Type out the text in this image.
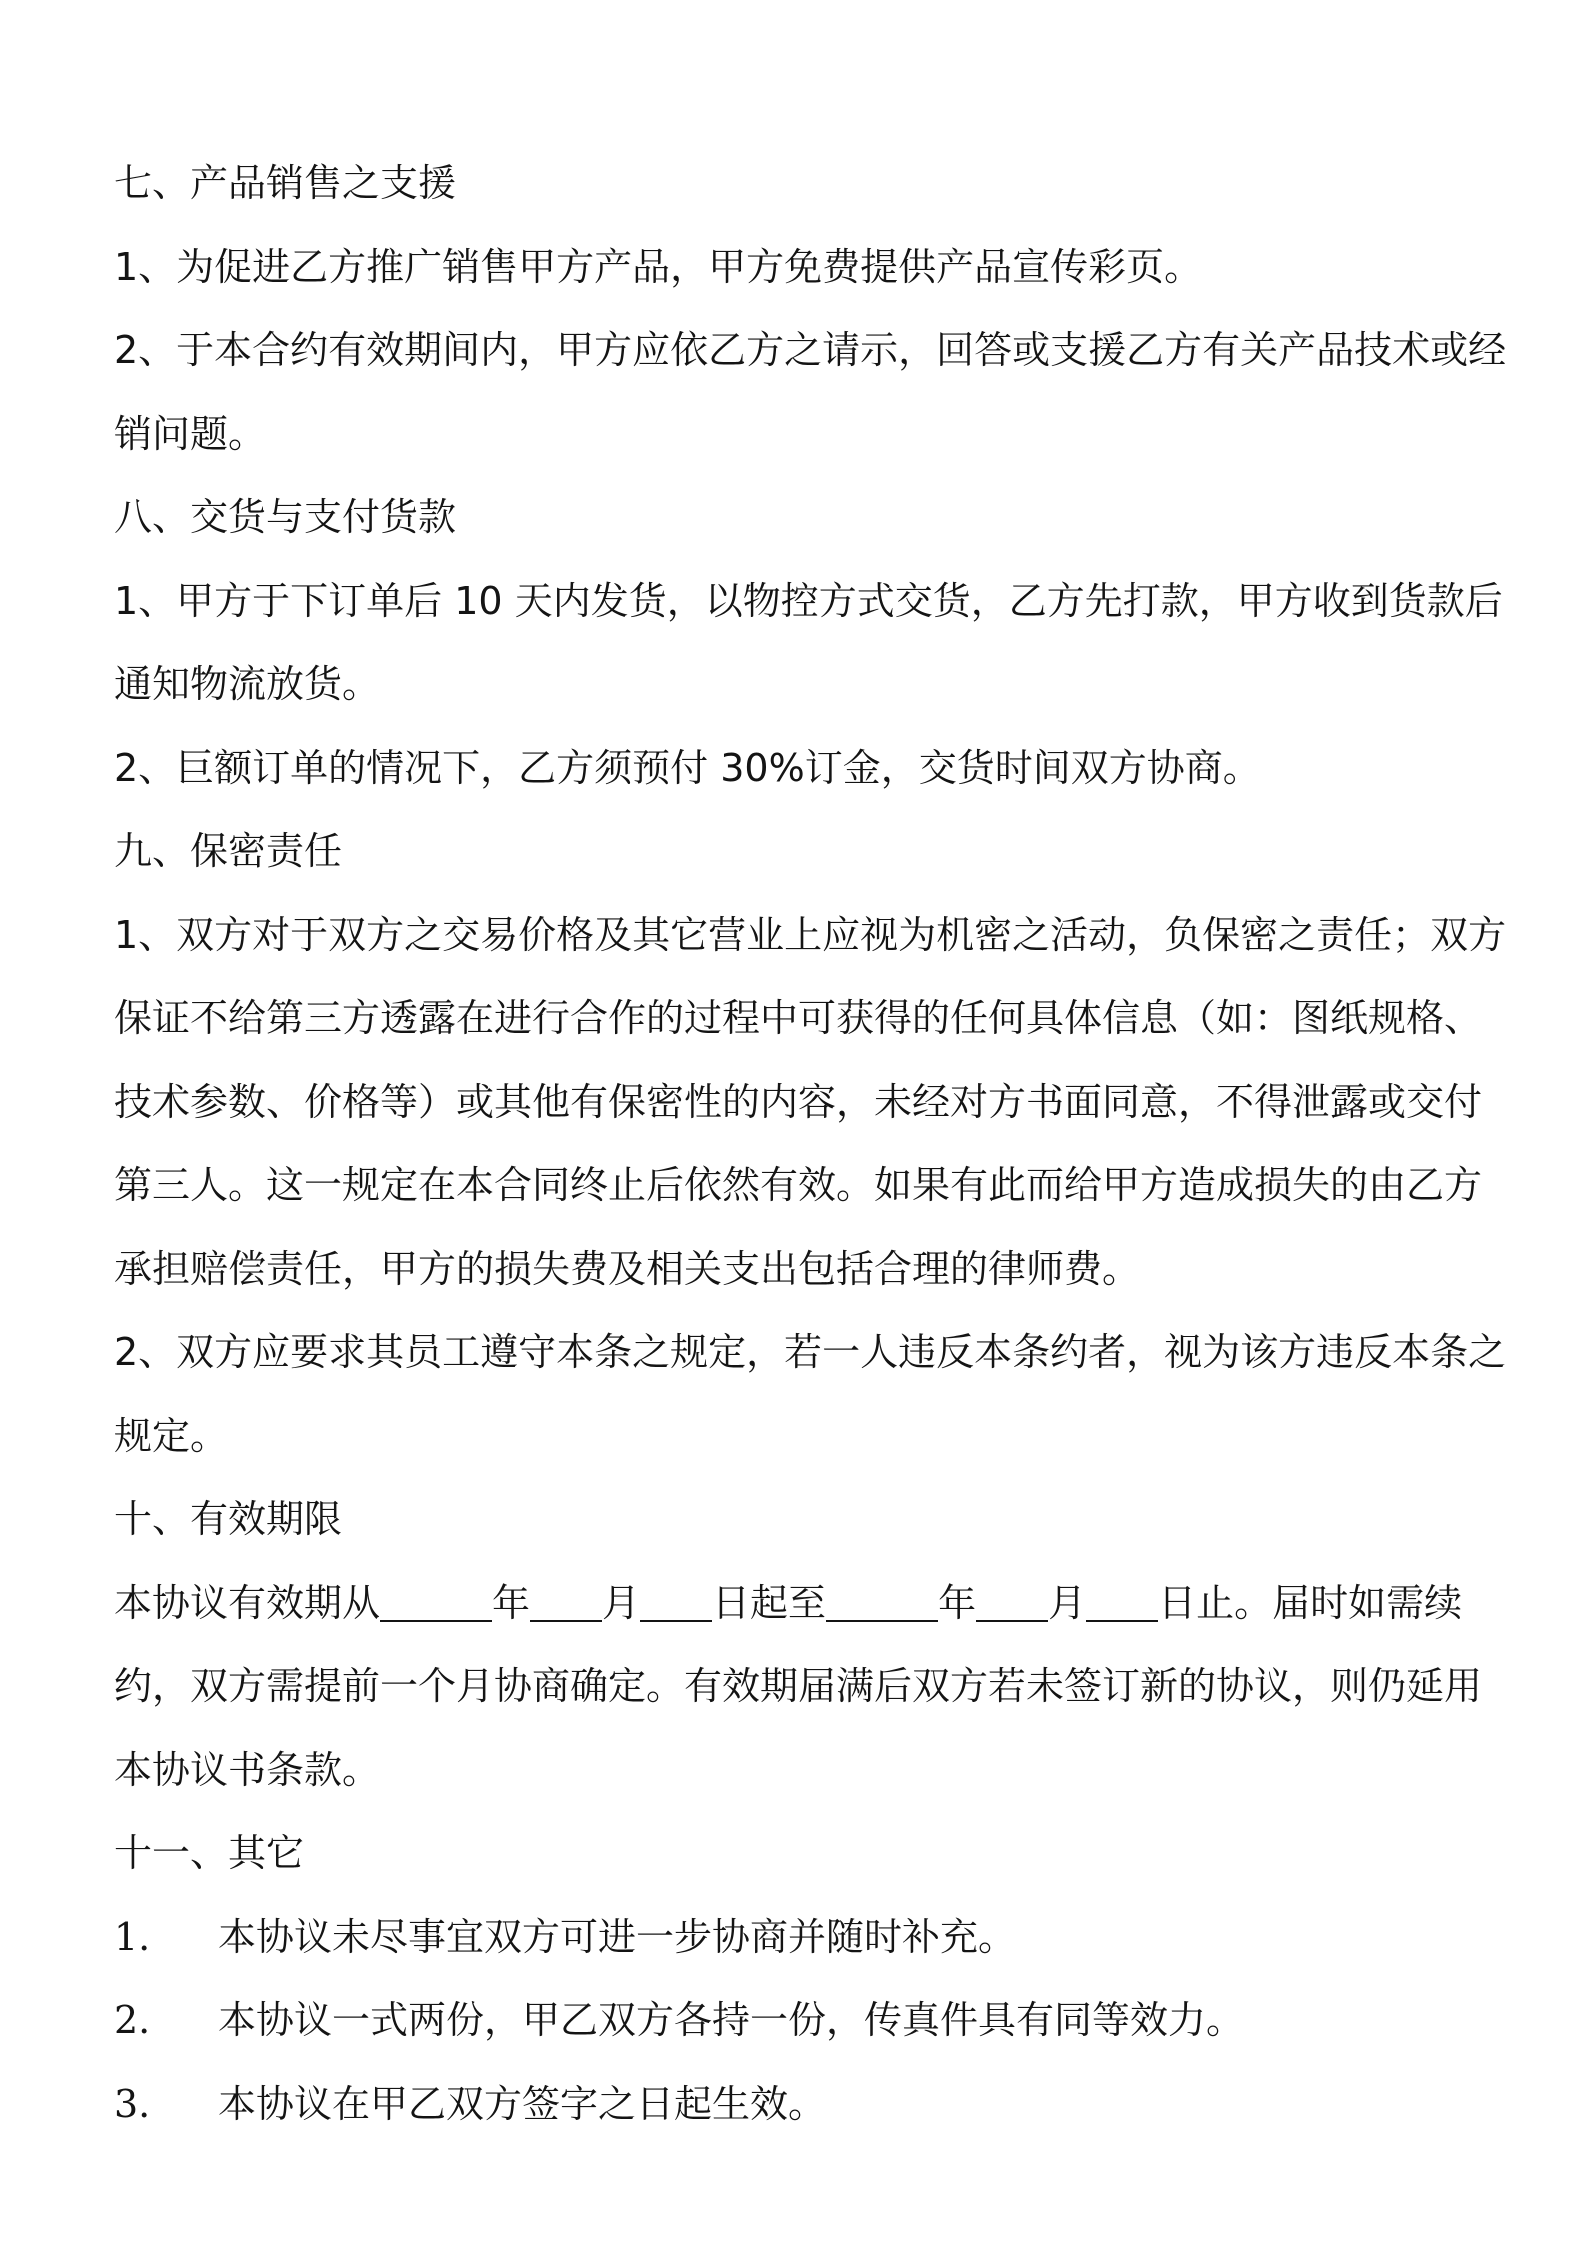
七、产品销售之支援
1、为促进乙方推广销售甲方产品，甲方免费提供产品宣传彩页。
2、于本合约有效期间内，甲方应依乙方之请示，回答或支援乙方有关产品技术或经
销问题。
八、交货与支付货款
1、甲方于下订单后 10 天内发货，以物控方式交货，乙方先打款，甲方收到货款后
通知物流放货。
2、巨额订单的情况下，乙方须预付 30%订金，交货时间双方协商。
九、保密责任
1、双方对于双方之交易价格及其它营业上应视为机密之活动，负保密之责任；双方
保证不给第三方透露在进行合作的过程中可获得的任何具体信息（如：图纸规格、
技术参数、价格等）或其他有保密性的内容，未经对方书面同意，不得泄露或交付
第三人。这一规定在本合同终止后依然有效。如果有此而给甲方造成损失的由乙方
承担赔偿责任，甲方的损失费及相关支出包括合理的律师费。
2、双方应要求其员工遵守本条之规定，若一人违反本条约者，视为该方违反本条之
规定。
十、有效期限
本协议有效期从	年 月 日起至	年 月 日止。届时如需续
约，双方需提前一个月协商确定。有效期届满后双方若未签订新的协议，则仍延用
本协议书条款。
十一、其它
1. 本协议未尽事宜双方可进一步协商并随时补充。
2. 本协议一式两份，甲乙双方各持一份，传真件具有同等效力。
3. 本协议在甲乙双方签字之日起生效。
